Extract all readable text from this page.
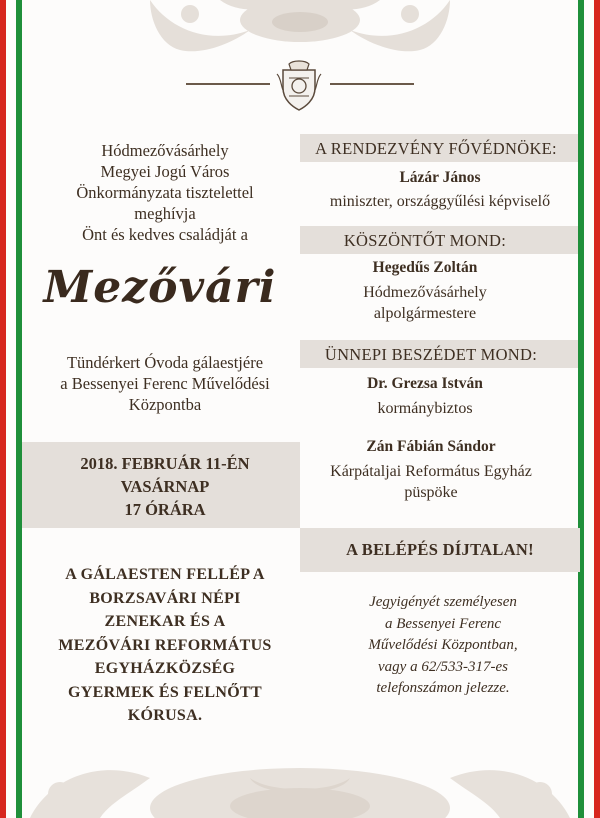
Hódmezővásárhely
Megyei Jogú Város
Önkormányzata tisztelettel
meghívja
Önt és kedves családját a
Mezővári
Tündérkert Óvoda gálaestjére
a Bessenyei Ferenc Művelődési
Központba
2018. FEBRUÁR 11-ÉN
VASÁRNAP
17 ÓRÁRA
A GÁLAESTEN FELLÉP A
BORZSAVÁRI NÉPI
ZENEKAR ÉS A
MEZŐVÁRI REFORMÁTUS
EGYHÁZKÖZSÉG
GYERMEK ÉS FELNŐTT
KÓRUSA.
A RENDEZVÉNY FŐVÉDNÖKE:
Lázár János
miniszter, országgyűlési képviselő
KÖSZÖNTŐT MOND:
Hegedűs Zoltán
Hódmezővásárhely
alpolgármestere
ÜNNEPI BESZÉDET MOND:
Dr. Grezsa István
kormánybiztos
Zán Fábián Sándor
Kárpátaljai Református Egyház
püspöke
A BELÉPÉS DÍJTALAN!
Jegyigényét személyesen
a Bessenyei Ferenc
Művelődési Központban,
vagy a 62/533-317-es
telefonszámon jelezze.
